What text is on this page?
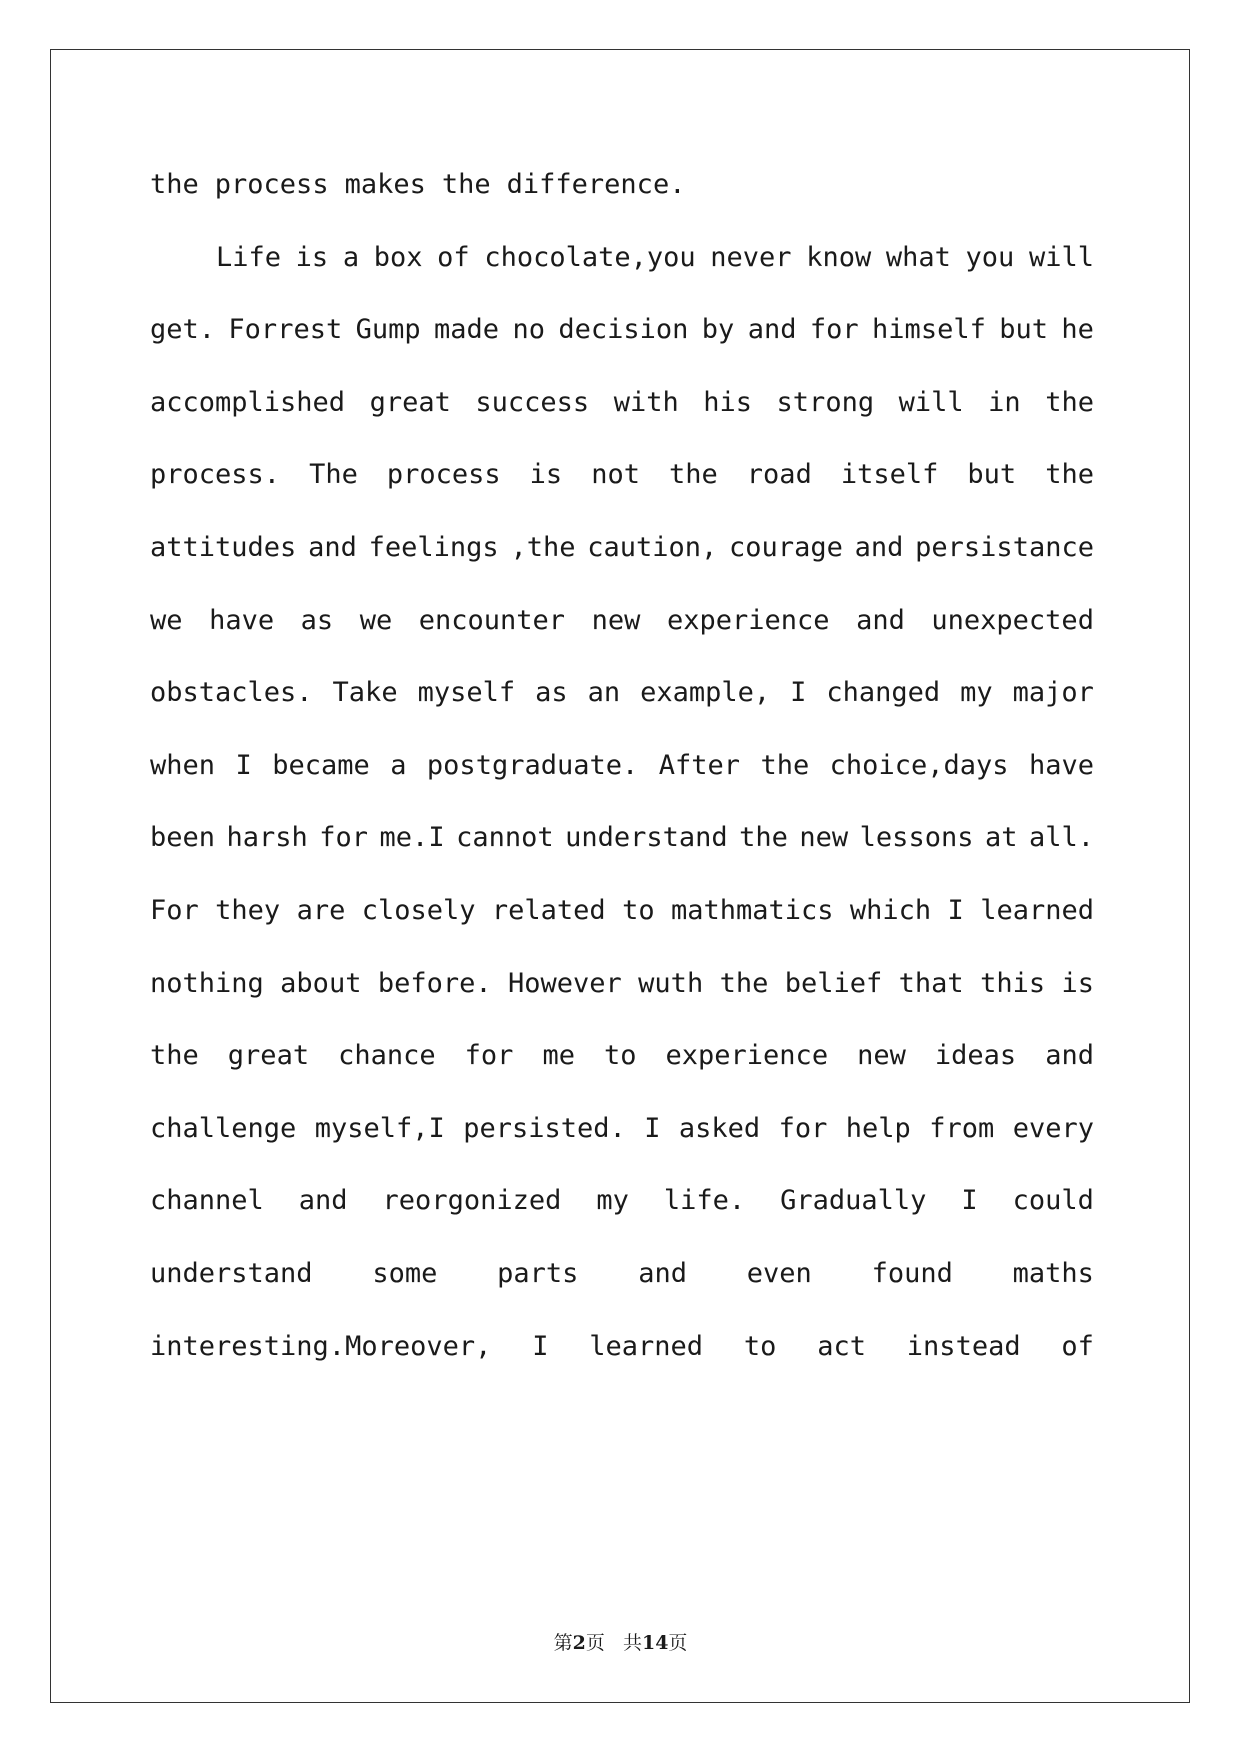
the process makes the difference.
Life is a box of chocolate,you never know what you will
get. Forrest Gump made no decision by and for himself but he
accomplished great success with his strong will in the
process. The process is not the road itself but the
attitudes and feelings ,the caution, courage and persistance
we have as we encounter new experience and unexpected
obstacles. Take myself as an example, I changed my major
when I became a postgraduate. After the choice,days have
been harsh for me.I cannot understand the new lessons at all.
For they are closely related to mathmatics which I learned
nothing about before. However wuth the belief that this is
the great chance for me to experience new ideas and
challenge myself,I persisted. I asked for help from every
channel and reorgonized my life. Gradually I could
understand some parts and even found maths
interesting.Moreover, I learned to act instead of
第2页 共14页
